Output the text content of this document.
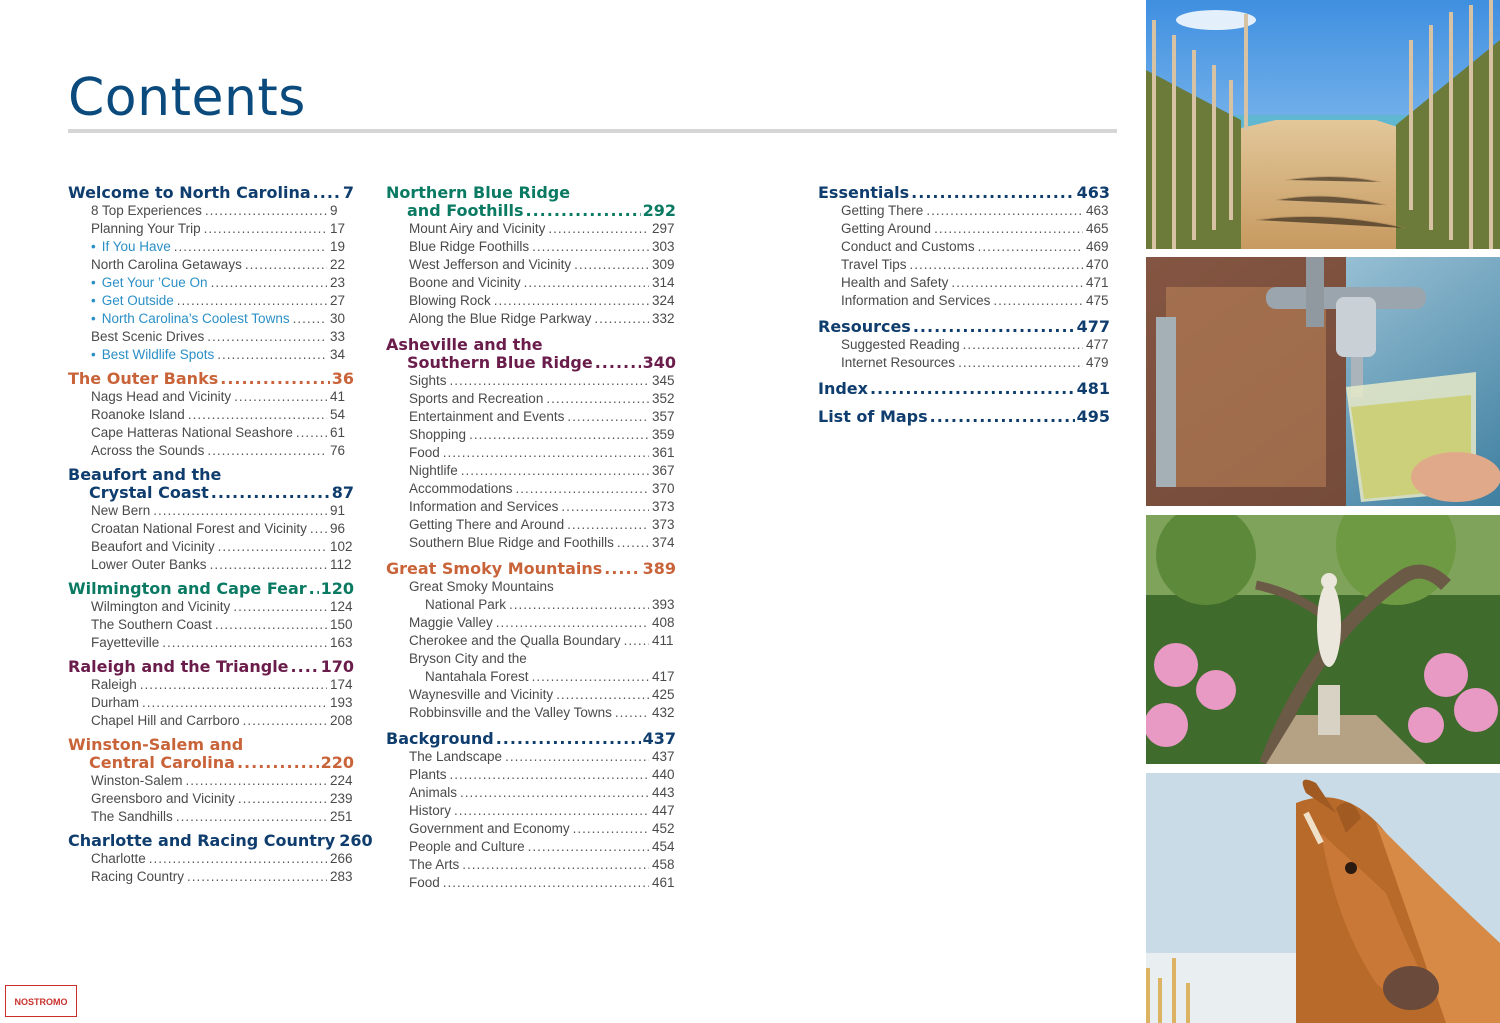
Contents
Welcome to North Carolina ..... 7
8 Top Experiences .....	9
Planning Your Trip .....	17
• If You Have .....	19
North Carolina Getaways .....	22
• Get Your ’Cue On .....	23
• Get Outside .....	27
• North Carolina’s Coolest Towns .....	30
Best Scenic Drives .....	33
• Best Wildlife Spots .....	34
The Outer Banks .....	36
Nags Head and Vicinity .....	41
Roanoke Island .....	54
Cape Hatteras National Seashore .....	61
Across the Sounds .....	76
Beaufort and the
Crystal Coast .....	87
New Bern .....	91
Croatan National Forest and Vicinity ..... 96
Beaufort and Vicinity .....	102
Lower Outer Banks .....	112
Wilmington and Cape Fear ..... 120
Wilmington and Vicinity .....	124
The Southern Coast .....	150
Fayetteville .....	163
Raleigh and the Triangle ..... 170
Raleigh .....	174
Durham .....	193
Chapel Hill and Carrboro .....	208
Winston-Salem and
Central Carolina .....	220
Winston-Salem .....	224
Greensboro and Vicinity .....	239
The Sandhills .....	251
Charlotte and Racing Country 260
Charlotte .....	266
Racing Country .....	283
Northern Blue Ridge
and Foothills .....	292
Mount Airy and Vicinity .....	297
Blue Ridge Foothills .....	303
West Jefferson and Vicinity .....	309
Boone and Vicinity .....	314
Blowing Rock .....	324
Along the Blue Ridge Parkway .....	332
Asheville and the
Southern Blue Ridge .....	340
Sights .....	345
Sports and Recreation .....	352
Entertainment and Events .....	357
Shopping .....	359
Food .....	361
Nightlife .....	367
Accommodations .....	370
Information and Services .....	373
Getting There and Around .....	373
Southern Blue Ridge and Foothills .....	374
Great Smoky Mountains .....	389
Great Smoky Mountains
National Park .....	393
Maggie Valley .....	408
Cherokee and the Qualla Boundary ..... 411
Bryson City and the
Nantahala Forest .....	417
Waynesville and Vicinity .....	425
Robbinsville and the Valley Towns .....	432
Background .....	437
The Landscape .....	437
Plants .....	440
Animals .....	443
History .....	447
Government and Economy .....	452
People and Culture .....	454
The Arts .....	458
Food .....	461
Essentials .....	463
Getting There .....	463
Getting Around .....	465
Conduct and Customs .....	469
Travel Tips .....	470
Health and Safety .....	471
Information and Services .....	475
Resources .....	477
Suggested Reading .....	477
Internet Resources .....	479
Index .....	481
List of Maps .....	495
NOSTROMO
